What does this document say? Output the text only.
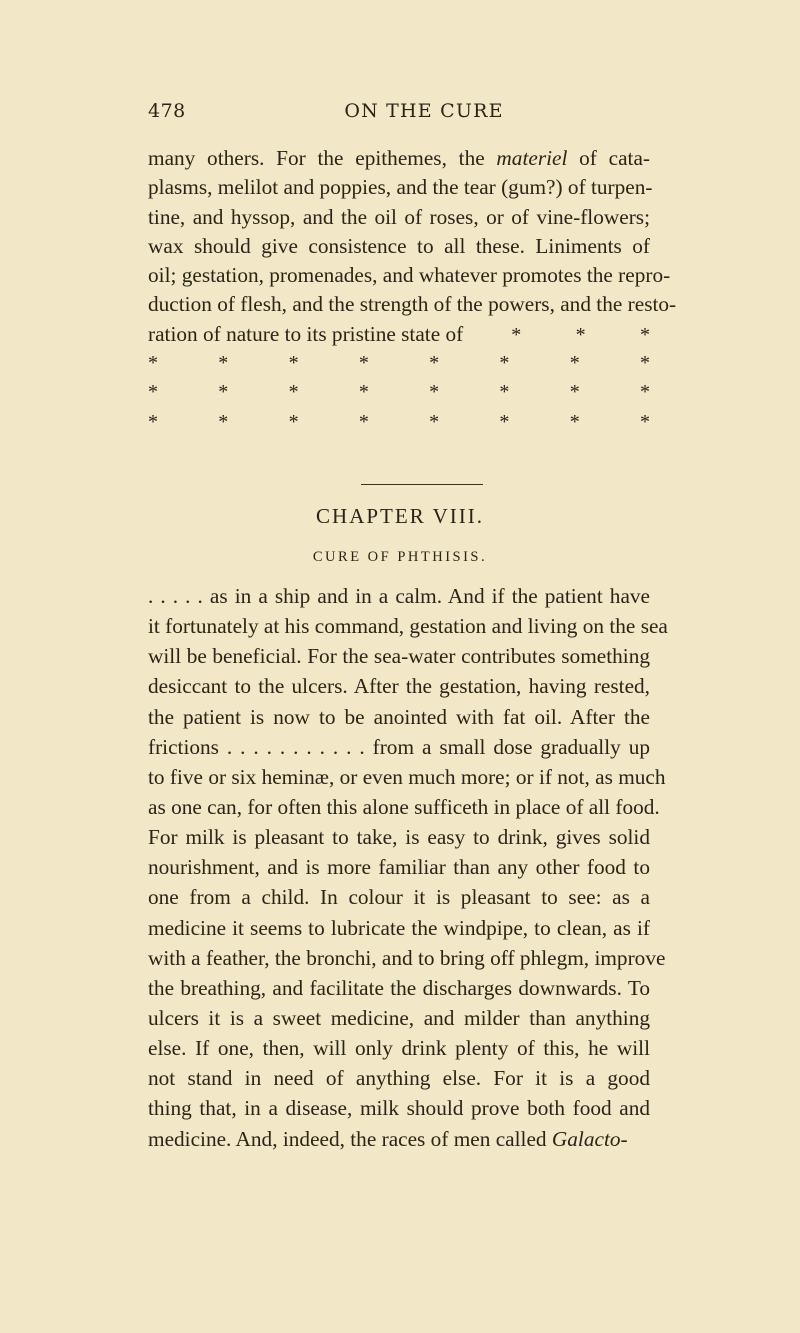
478	ON THE CURE
many others. For the epithemes, the materiel of cata-
plasms, melilot and poppies, and the tear (gum?) of turpen-
tine, and hyssop, and the oil of roses, or of vine-flowers;
wax should give consistence to all these. Liniments of
oil; gestation, promenades, and whatever promotes the repro-
duction of flesh, and the strength of the powers, and the resto-
ration of nature to its pristine state of *	*	*
*	*	*	*	*	*	*	*
*	*	*	*	*	*	*	*
*	*	*	*	*	*	*	*
CHAPTER VIII.
CURE OF PHTHISIS.
. . . . . as in a ship and in a calm. And if the patient have
it fortunately at his command, gestation and living on the sea
will be beneficial. For the sea-water contributes something
desiccant to the ulcers. After the gestation, having rested,
the patient is now to be anointed with fat oil. After the
frictions . . . . . . . . . . . from a small dose gradually up
to five or six heminæ, or even much more; or if not, as much
as one can, for often this alone sufficeth in place of all food.
For milk is pleasant to take, is easy to drink, gives solid
nourishment, and is more familiar than any other food to
one from a child. In colour it is pleasant to see: as a
medicine it seems to lubricate the windpipe, to clean, as if
with a feather, the bronchi, and to bring off phlegm, improve
the breathing, and facilitate the discharges downwards. To
ulcers it is a sweet medicine, and milder than anything
else. If one, then, will only drink plenty of this, he will
not stand in need of anything else. For it is a good
thing that, in a disease, milk should prove both food and
medicine. And, indeed, the races of men called Galacto-
